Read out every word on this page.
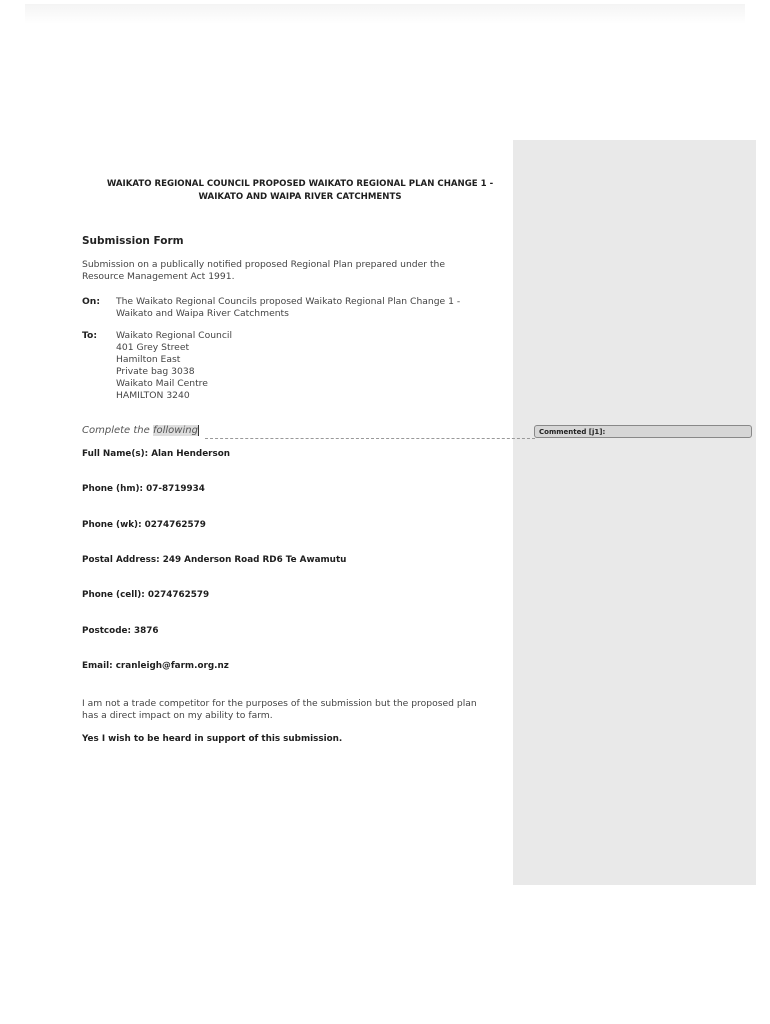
WAIKATO REGIONAL COUNCIL PROPOSED WAIKATO REGIONAL PLAN CHANGE 1 -
WAIKATO AND WAIPA RIVER CATCHMENTS
Submission Form
Submission on a publically notified proposed Regional Plan prepared under the
Resource Management Act 1991.
On: The Waikato Regional Councils proposed Waikato Regional Plan Change 1 -
Waikato and Waipa River Catchments
To: Waikato Regional Council
401 Grey Street
Hamilton East
Private bag 3038
Waikato Mail Centre
HAMILTON 3240
Complete the following	Commented [j1]:
Full Name(s): Alan Henderson
Phone (hm): 07-8719934
Phone (wk): 0274762579
Postal Address: 249 Anderson Road RD6 Te Awamutu
Phone (cell): 0274762579
Postcode: 3876
Email: cranleigh@farm.org.nz
I am not a trade competitor for the purposes of the submission but the proposed plan
has a direct impact on my ability to farm.
Yes I wish to be heard in support of this submission.
